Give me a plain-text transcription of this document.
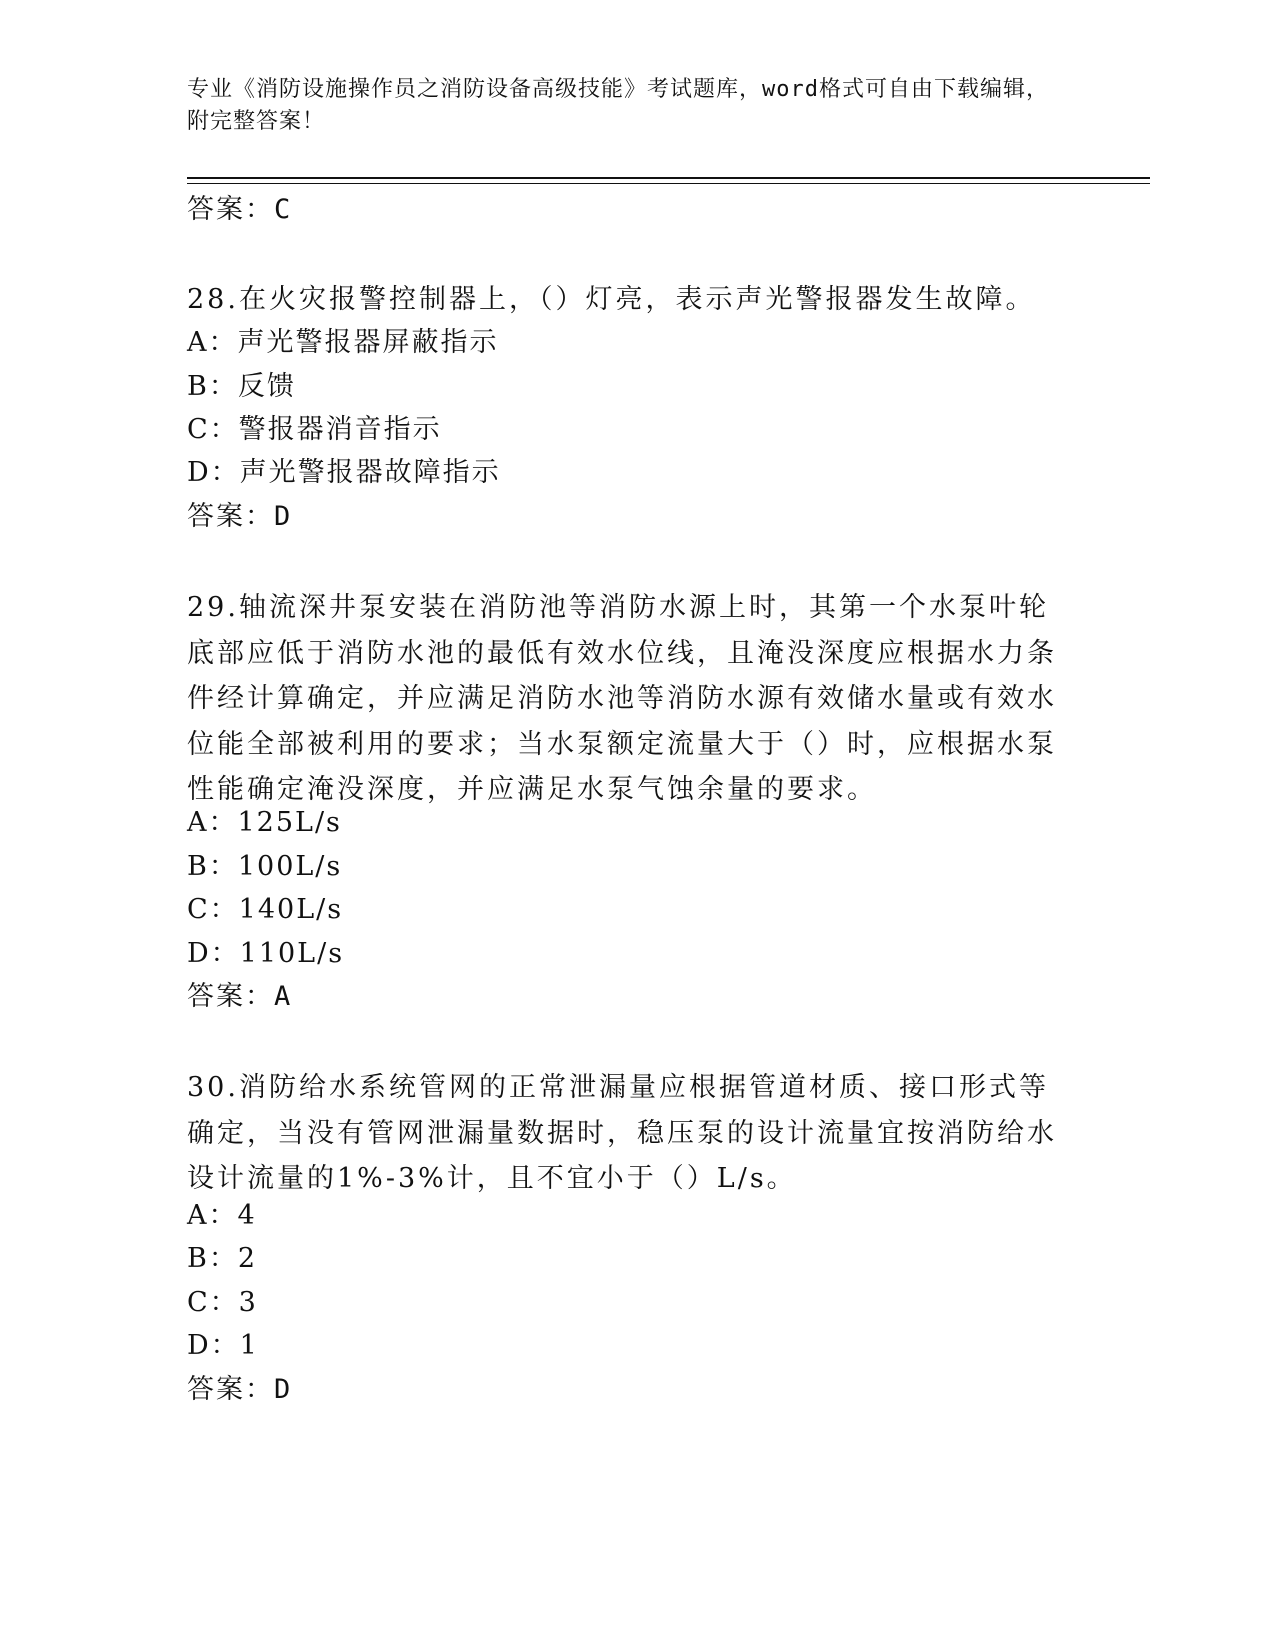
专业《消防设施操作员之消防设备高级技能》考试题库，word格式可自由下载编辑，附完整答案！
答案：C
28.在火灾报警控制器上，（）灯亮，表示声光警报器发生故障。
A：声光警报器屏蔽指示
B：反馈
C：警报器消音指示
D：声光警报器故障指示
答案：D
29.轴流深井泵安装在消防池等消防水源上时，其第一个水泵叶轮底部应低于消防水池的最低有效水位线，且淹没深度应根据水力条件经计算确定，并应满足消防水池等消防水源有效储水量或有效水位能全部被利用的要求；当水泵额定流量大于（）时，应根据水泵性能确定淹没深度，并应满足水泵气蚀余量的要求。
A：125L/s
B：100L/s
C：140L/s
D：110L/s
答案：A
30.消防给水系统管网的正常泄漏量应根据管道材质、接口形式等确定，当没有管网泄漏量数据时，稳压泵的设计流量宜按消防给水设计流量的1%-3%计，且不宜小于（）L/s。
A：4
B：2
C：3
D：1
答案：D
